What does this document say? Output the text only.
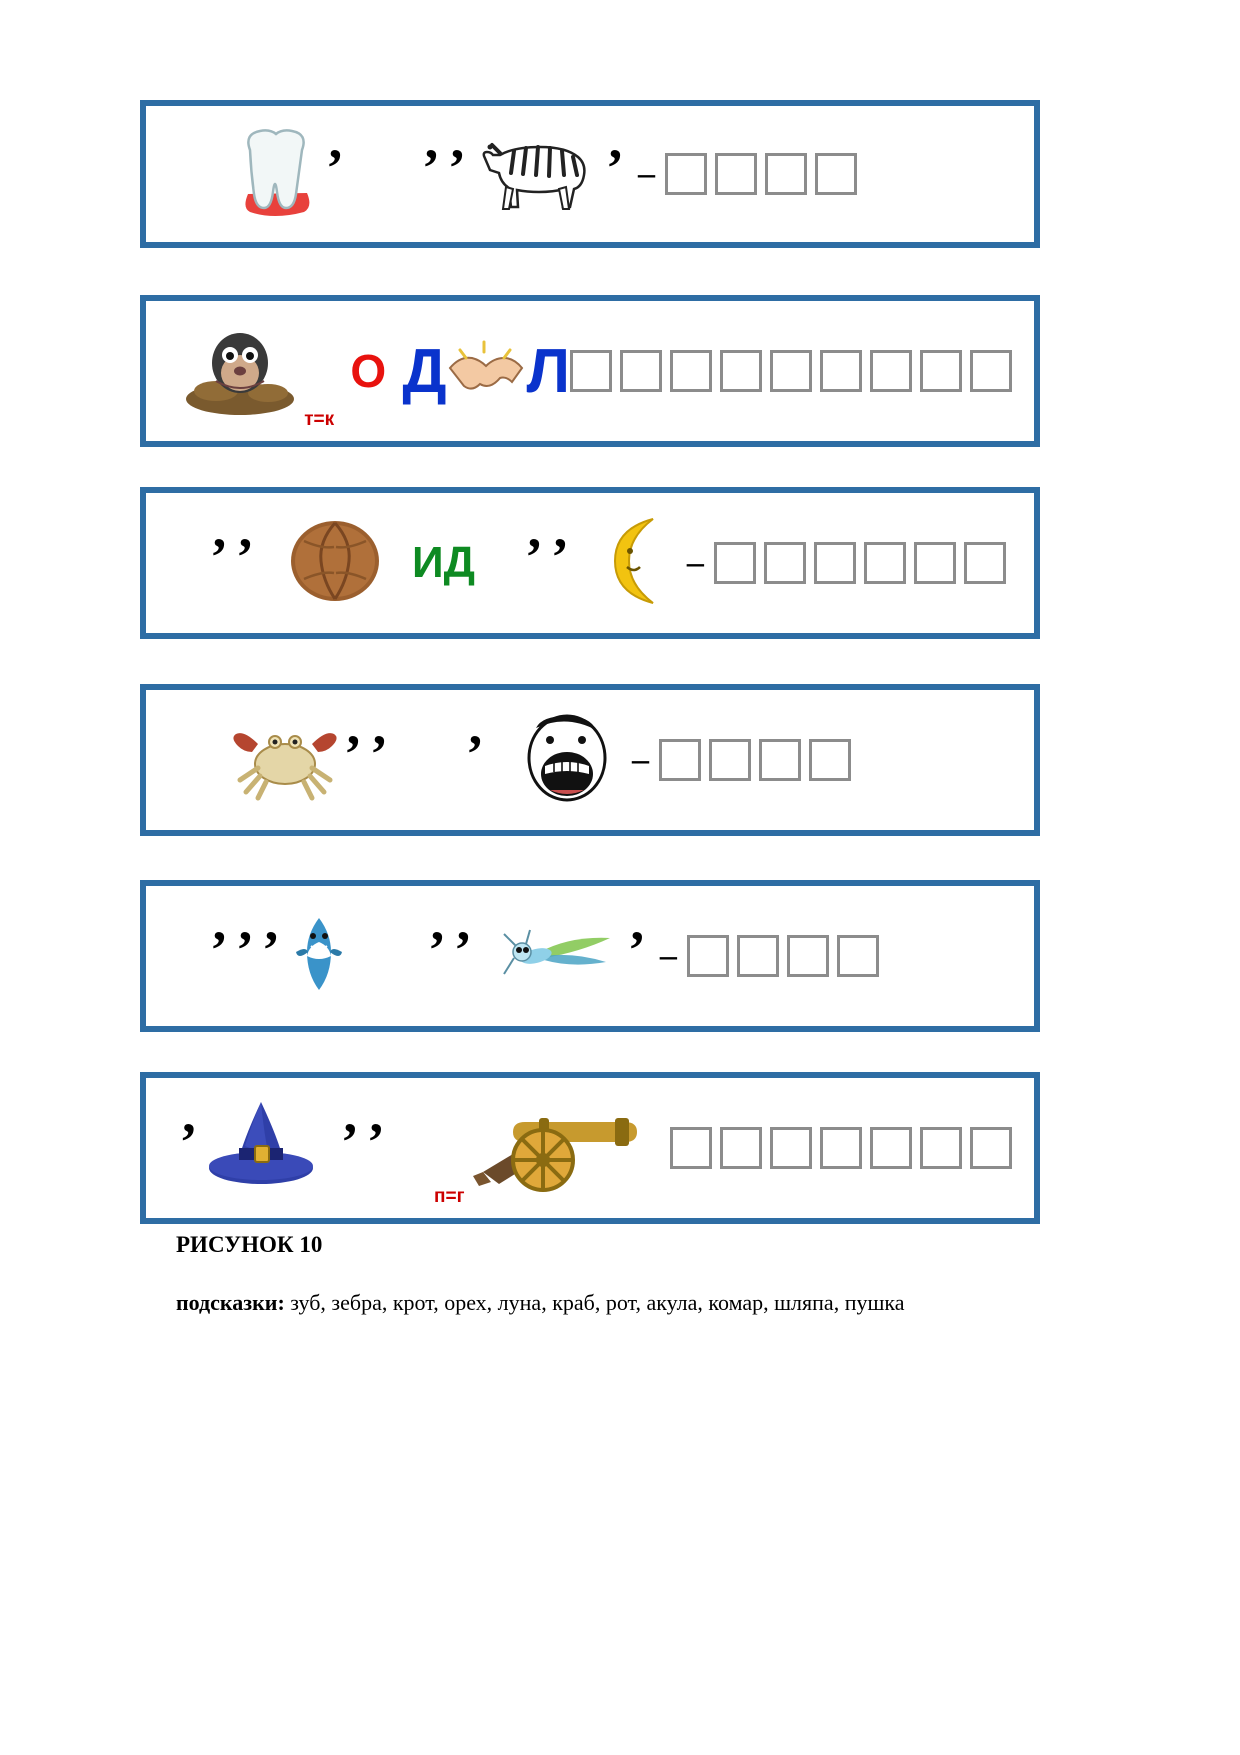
’ ’ ’	’ –
т=к
О Д Л
’ ’	ИД ’ ’	–
’ ’ ’	–
’ ’ ’	’ ’	’ –
’	’ ’
п=г
РИСУНОК 10
подсказки: зуб, зебра, крот, орех, луна, краб, рот, акула, комар, шляпа, пушка
